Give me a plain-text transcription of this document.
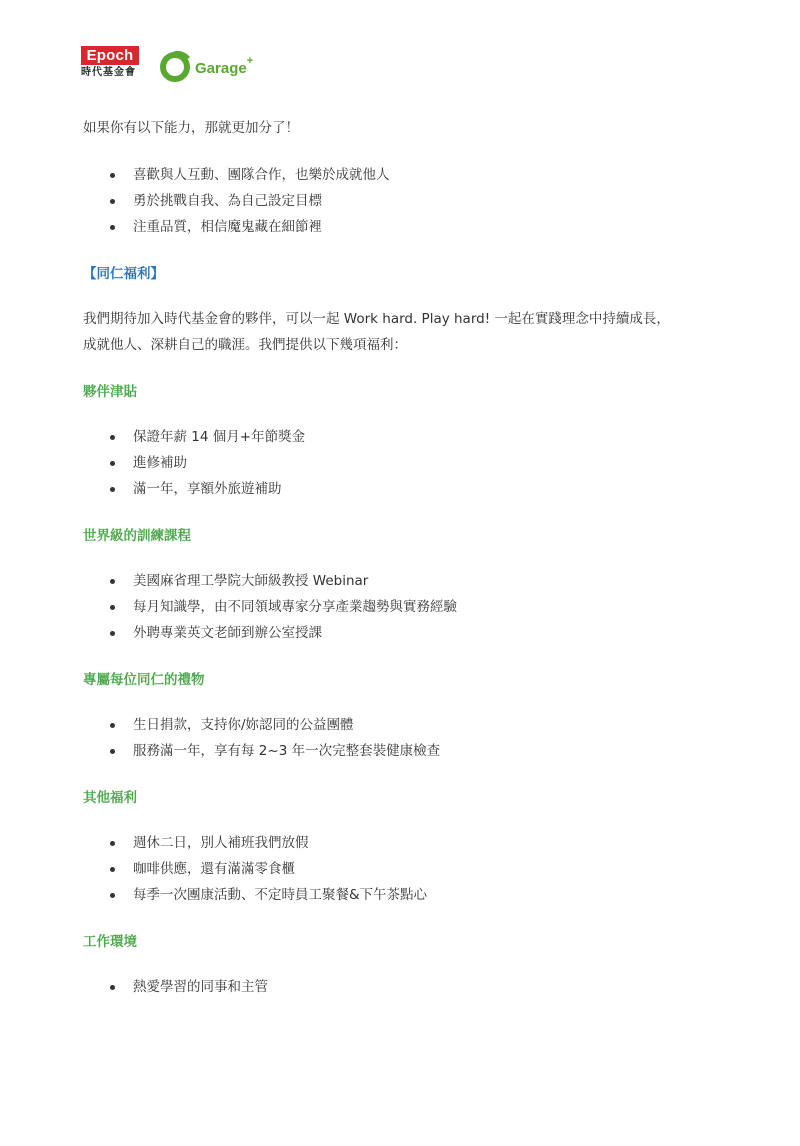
Epoch
時代基金會	Garage+

如果你有以下能力，那就更加分了！

喜歡與人互動、團隊合作，也樂於成就他人
勇於挑戰自我、為自己設定目標
注重品質，相信魔鬼藏在細節裡

【同仁福利】

我們期待加入時代基金會的夥伴，可以一起 Work hard. Play hard! 一起在實踐理念中持續成長，
成就他人、深耕自己的職涯。我們提供以下幾項福利：

夥伴津貼

保證年薪 14 個月+年節獎金
進修補助
滿一年，享額外旅遊補助

世界級的訓練課程

美國麻省理工學院大師級教授 Webinar
每月知識學，由不同領域專家分享產業趨勢與實務經驗
外聘專業英文老師到辦公室授課

專屬每位同仁的禮物

生日捐款，支持你/妳認同的公益團體
服務滿一年，享有每 2~3 年一次完整套裝健康檢查

其他福利

週休二日，別人補班我們放假
咖啡供應，還有滿滿零食櫃
每季一次團康活動、不定時員工聚餐&下午茶點心

工作環境

熱愛學習的同事和主管
